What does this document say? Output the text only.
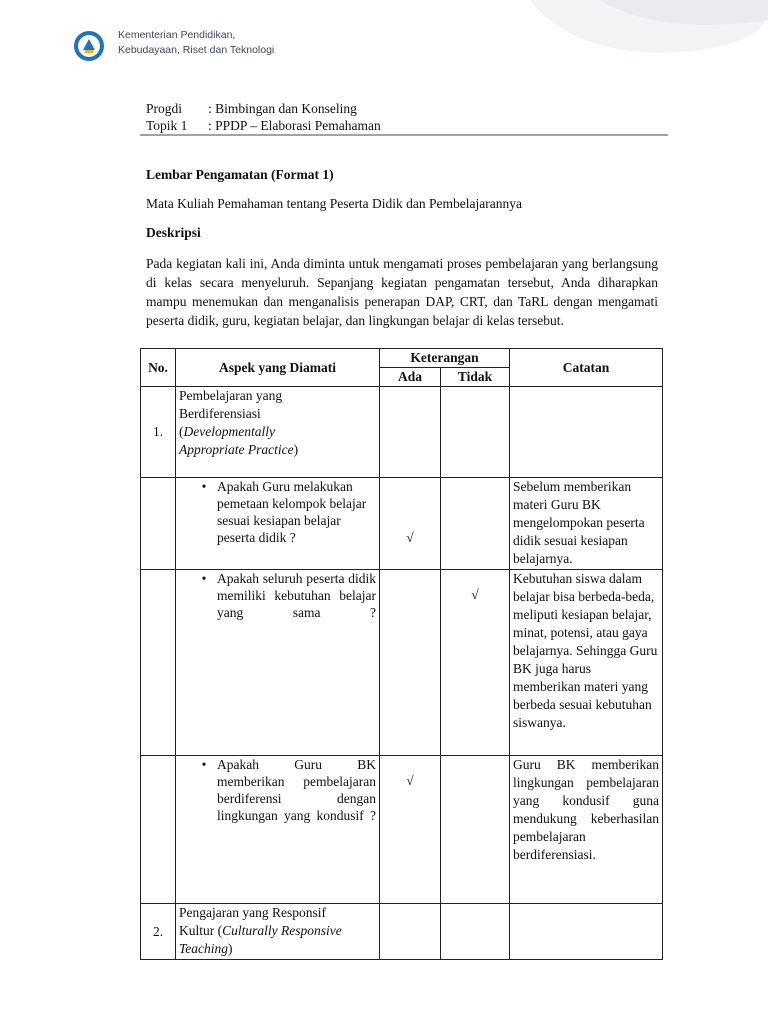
Kementerian Pendidikan,
Kebudayaan, Riset dan Teknologi
Progdi	: Bimbingan dan Konseling
Topik 1	: PPDP – Elaborasi Pemahaman
Lembar Pengamatan (Format 1)
Mata Kuliah Pemahaman tentang Peserta Didik dan Pembelajarannya
Deskripsi
Pada kegiatan kali ini, Anda diminta untuk mengamati proses pembelajaran yang berlangsung di kelas secara menyeluruh. Sepanjang kegiatan pengamatan tersebut, Anda diharapkan mampu menemukan dan menganalisis penerapan DAP, CRT, dan TaRL dengan mengamati peserta didik, guru, kegiatan belajar, dan lingkungan belajar di kelas tersebut.
No.	Aspek yang Diamati	Keterangan		Catatan
		Ada	Tidak	
1.	Pembelajaran yang
Berdiferensiasi
(Developmentally Appropriate Practice)			

	• Apakah Guru melakukan pemetaan kelompok belajar sesuai kesiapan belajar peserta didik ?	√		Sebelum memberikan materi Guru BK mengelompokan peserta didik sesuai kesiapan belajarnya.

	• Apakah seluruh peserta didik memiliki kebutuhan belajar yang sama ?		√	Kebutuhan siswa dalam belajar bisa berbeda-beda, meliputi kesiapan belajar, minat, potensi, atau gaya belajarnya. Sehingga Guru BK juga harus memberikan materi yang berbeda sesuai kebutuhan siswanya.

	• Apakah Guru BK memberikan pembelajaran berdiferensi dengan lingkungan yang kondusif ?	√		Guru BK memberikan lingkungan pembelajaran yang kondusif guna mendukung keberhasilan pembelajaran berdiferensiasi.
2.	Pengajaran yang Responsif
Kultur (Culturally Responsive Teaching)			
